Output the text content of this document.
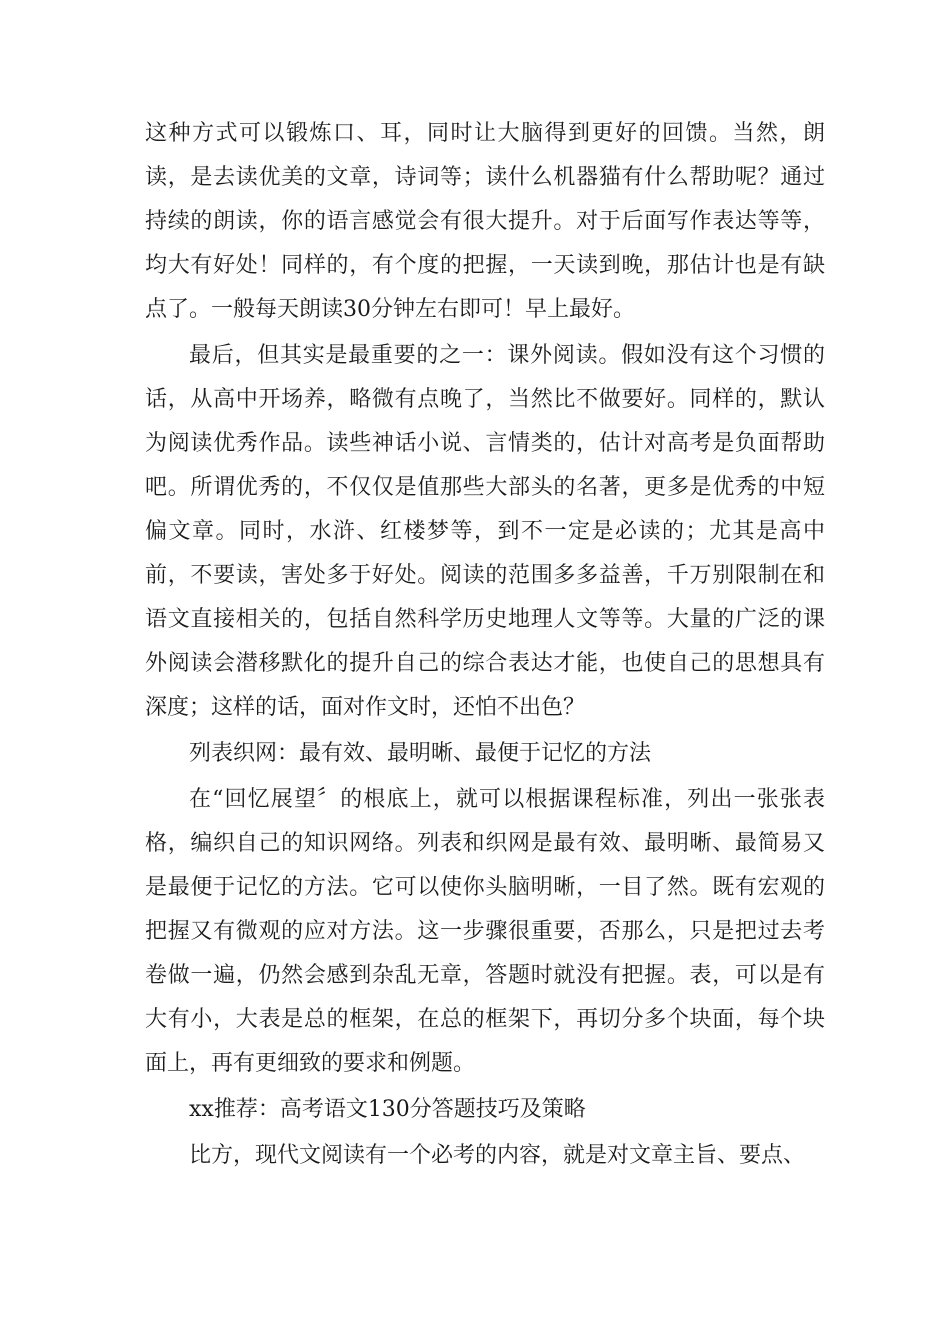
这种方式可以锻炼口、耳，同时让大脑得到更好的回馈。当然，朗读，是去读优美的文章，诗词等；读什么机器猫有什么帮助呢？通过持续的朗读，你的语言感觉会有很大提升。对于后面写作表达等等，均大有好处！同样的，有个度的把握，一天读到晚，那估计也是有缺点了。一般每天朗读30分钟左右即可！早上最好。

最后，但其实是最重要的之一：课外阅读。假如没有这个习惯的话，从高中开场养，略微有点晚了，当然比不做要好。同样的，默认为阅读优秀作品。读些神话小说、言情类的，估计对高考是负面帮助吧。所谓优秀的，不仅仅是值那些大部头的名著，更多是优秀的中短偏文章。同时，水浒、红楼梦等，到不一定是必读的；尤其是高中前，不要读，害处多于好处。阅读的范围多多益善，千万别限制在和语文直接相关的，包括自然科学历史地理人文等等。大量的广泛的课外阅读会潜移默化的提升自己的综合表达才能，也使自己的思想具有深度；这样的话，面对作文时，还怕不出色？

列表织网：最有效、最明晰、最便于记忆的方法

在“回忆展望〞的根底上，就可以根据课程标准，列出一张张表格，编织自己的知识网络。列表和织网是最有效、最明晰、最简易又是最便于记忆的方法。它可以使你头脑明晰，一目了然。既有宏观的把握又有微观的应对方法。这一步骤很重要，否那么，只是把过去考卷做一遍，仍然会感到杂乱无章，答题时就没有把握。表，可以是有大有小，大表是总的框架，在总的框架下，再切分多个块面，每个块面上，再有更细致的要求和例题。

xx推荐：高考语文130分答题技巧及策略

比方，现代文阅读有一个必考的内容，就是对文章主旨、要点、
